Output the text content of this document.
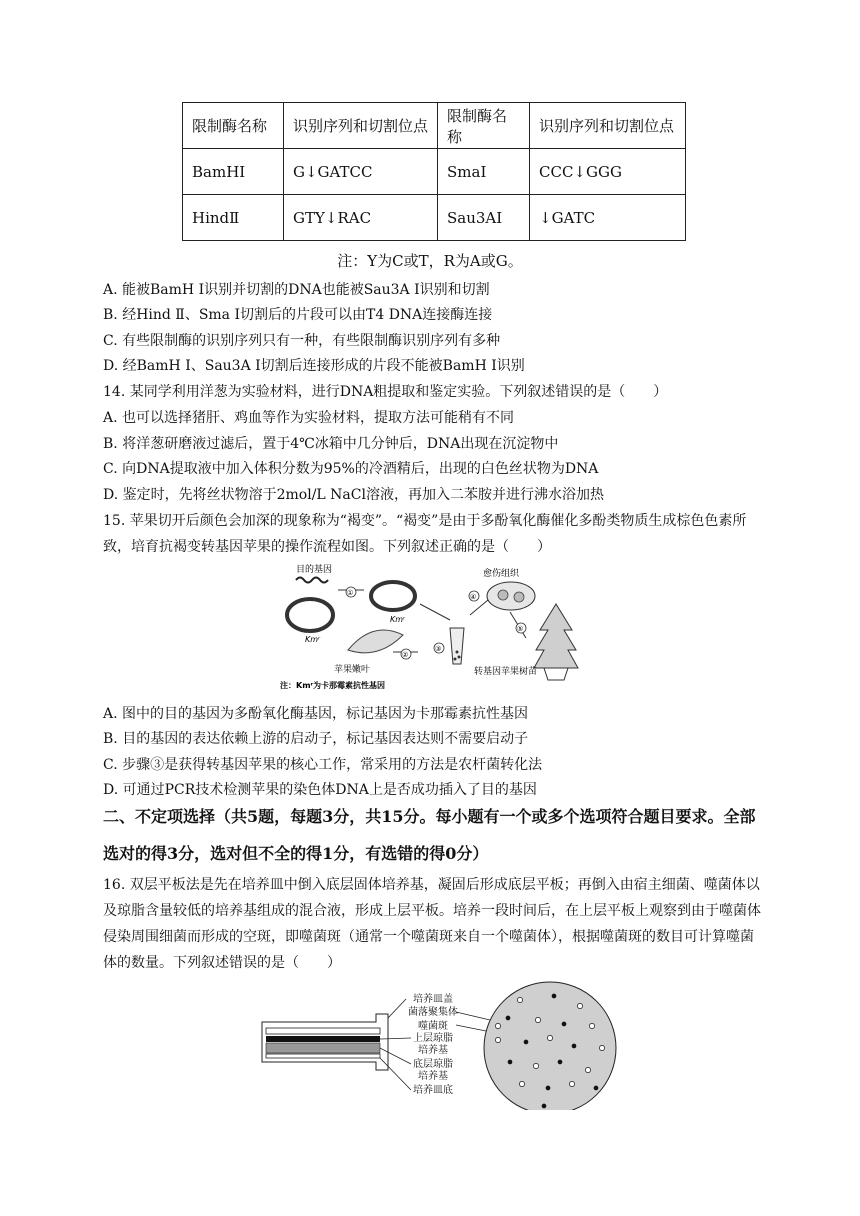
限制酶名称	识别序列和切割位点	限制酶名称	识别序列和切割位点
BamHⅠ	G↓GATCC	SmaⅠ	CCC↓GGG
HindⅡ	GTY↓RAC	Sau3AⅠ	↓GATC
注：Y为C或T，R为A或G。
A. 能被BamH I识别并切割的DNA也能被Sau3A I识别和切割
B. 经Hind Ⅱ、Sma I切割后的片段可以由T4 DNA连接酶连接
C. 有些限制酶的识别序列只有一种，有些限制酶识别序列有多种
D. 经BamH I、Sau3A I切割后连接形成的片段不能被BamH I识别
14. 某同学利用洋葱为实验材料，进行DNA粗提取和鉴定实验。下列叙述错误的是（　　）
A. 也可以选择猪肝、鸡血等作为实验材料，提取方法可能稍有不同
B. 将洋葱研磨液过滤后，置于4℃冰箱中几分钟后，DNA出现在沉淀物中
C. 向DNA提取液中加入体积分数为95%的冷酒精后，出现的白色丝状物为DNA
D. 鉴定时，先将丝状物溶于2mol/L NaCl溶液，再加入二苯胺并进行沸水浴加热
15. 苹果切开后颜色会加深的现象称为“褐变”。“褐变”是由于多酚氧化酶催化多酚类物质生成棕色色素所致，培育抗褐变转基因苹果的操作流程如图。下列叙述正确的是（　　）
目的基因
Kmʳ
①
Kmʳ
③
②
苹果嫩叶
④
愈伤组织
⑤
转基因苹果树苗
注：Kmʳ为卡那霉素抗性基因
A. 图中的目的基因为多酚氧化酶基因，标记基因为卡那霉素抗性基因
B. 目的基因的表达依赖上游的启动子，标记基因表达则不需要启动子
C. 步骤③是获得转基因苹果的核心工作，常采用的方法是农杆菌转化法
D. 可通过PCR技术检测苹果的染色体DNA上是否成功插入了目的基因
二、不定项选择（共5题，每题3分，共15分。每小题有一个或多个选项符合题目要求。全部选对的得3分，选对但不全的得1分，有选错的得0分）
16. 双层平板法是先在培养皿中倒入底层固体培养基，凝固后形成底层平板；再倒入由宿主细菌、噬菌体以及琼脂含量较低的培养基组成的混合液，形成上层平板。培养一段时间后，在上层平板上观察到由于噬菌体侵染周围细菌而形成的空斑，即噬菌斑（通常一个噬菌斑来自一个噬菌体），根据噬菌斑的数目可计算噬菌体的数量。下列叙述错误的是（　　）
培养皿盖
菌落聚集体
噬菌斑
上层琼脂
培养基
底层琼脂
培养基
培养皿底
